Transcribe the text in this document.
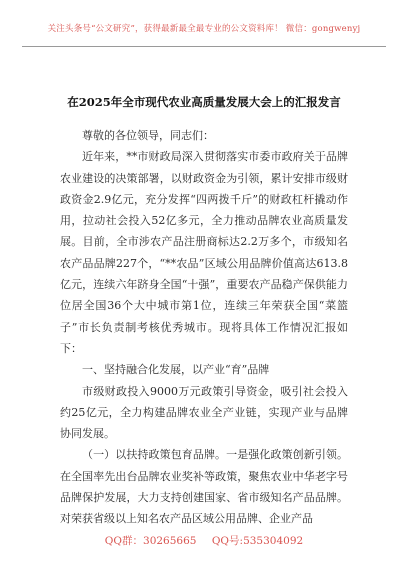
关注头条号“公文研究”，获得最新最全最专业的公文资料库！ 微信：gongwenyj
在2025年全市现代农业高质量发展大会上的汇报发言

尊敬的各位领导，同志们：

近年来，**市财政局深入贯彻落实市委市政府关于品牌农业建设的决策部署，以财政资金为引领，累计安排市级财政资金2.9亿元，充分发挥“四两拨千斤”的财政杠杆撬动作用，拉动社会投入52亿多元，全力推动品牌农业高质量发展。目前，全市涉农产品注册商标达2.2万多个，市级知名农产品品牌227个，“**农品”区域公用品牌价值高达613.8亿元，连续六年跻身全国“十强”，重要农产品稳产保供能力位居全国36个大中城市第1位，连续三年荣获全国“菜篮子”市长负责制考核优秀城市。现将具体工作情况汇报如下：

一、坚持融合化发展，以产业“育”品牌

市级财政投入9000万元政策引导资金，吸引社会投入约25亿元，全力构建品牌农业全产业链，实现产业与品牌协同发展。

（一）以扶持政策包育品牌。一是强化政策创新引领。在全国率先出台品牌农业奖补等政策，聚焦农业中华老字号品牌保护发展，大力支持创建国家、省市级知名产品品牌。对荣获省级以上知名农产品区域公用品牌、企业产品

QQ群：30265665 QQ号:535304092
